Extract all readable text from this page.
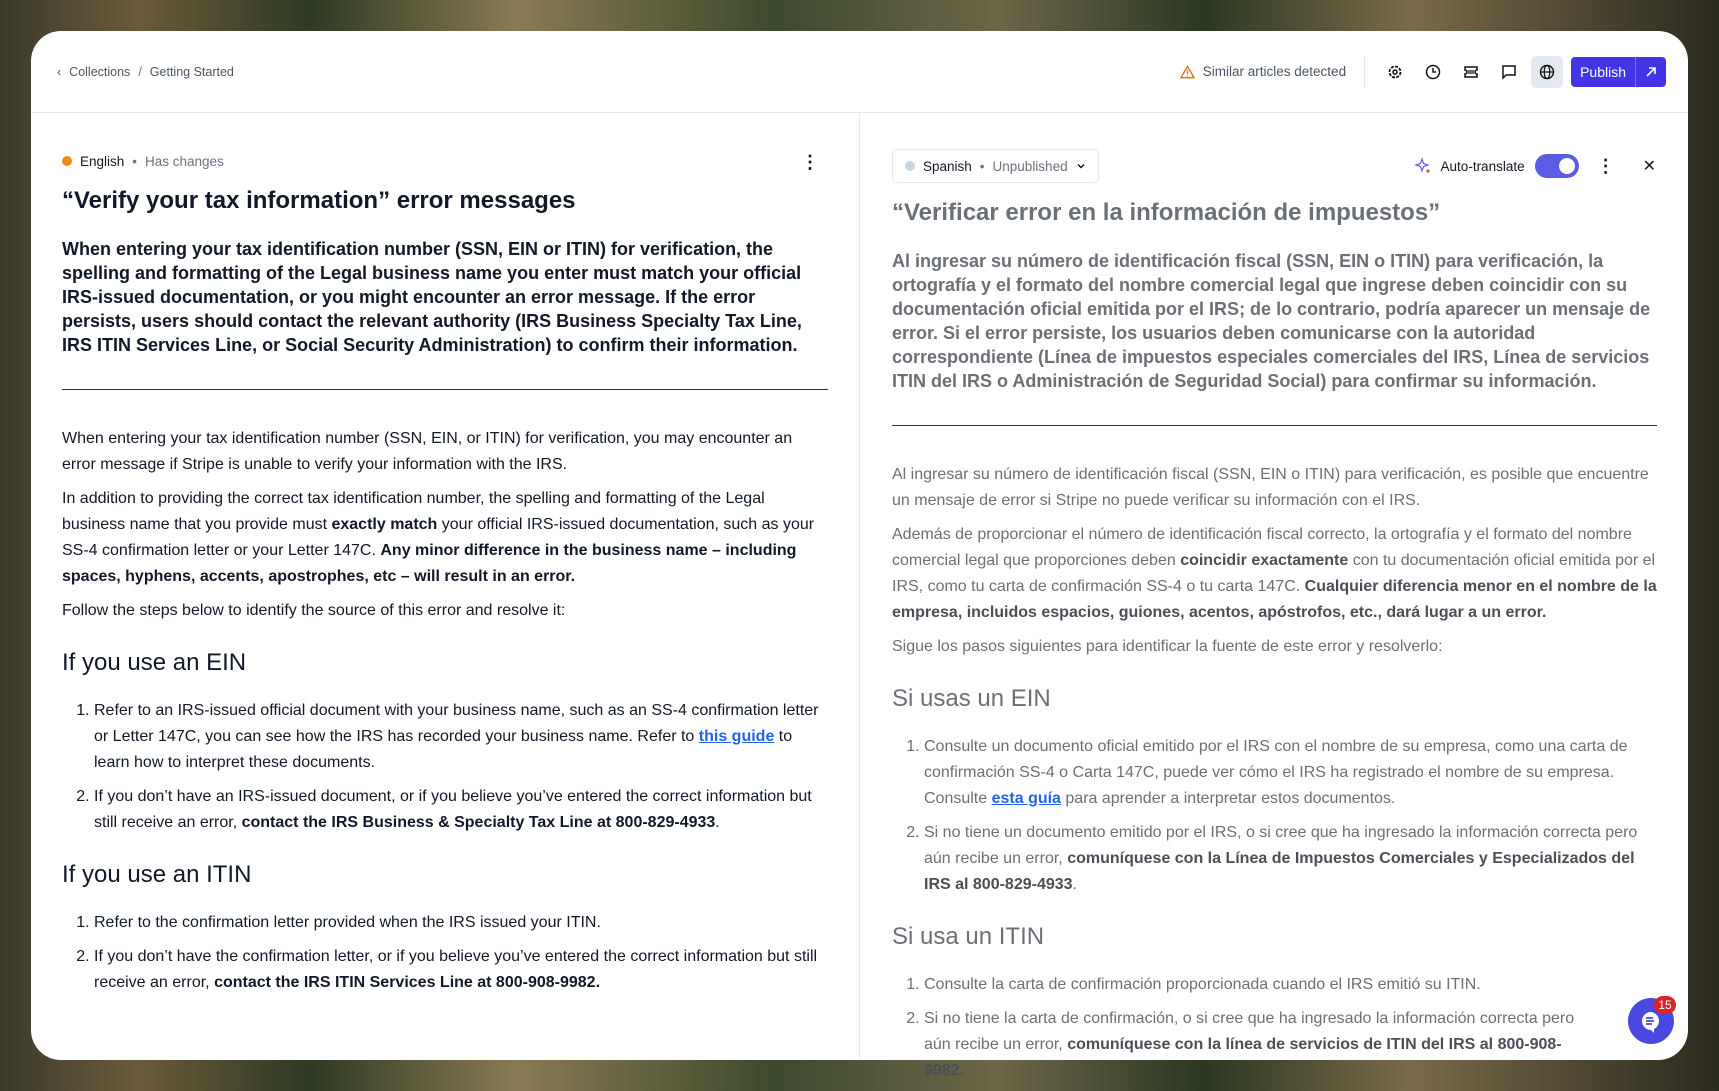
‹ Collections / Getting Started	Similar articles detected	Publish
English • Has changes	⋮
“Verify your tax information” error messages
When entering your tax identification number (SSN, EIN or ITIN) for verification, the spelling and formatting of the Legal business name you enter must match your official IRS-issued documentation, or you might encounter an error message. If the error persists, users should contact the relevant authority (IRS Business Specialty Tax Line, IRS ITIN Services Line, or Social Security Administration) to confirm their information.

When entering your tax identification number (SSN, EIN, or ITIN) for verification, you may encounter an error message if Stripe is unable to verify your information with the IRS.

In addition to providing the correct tax identification number, the spelling and formatting of the Legal business name that you provide must exactly match your official IRS-issued documentation, such as your SS-4 confirmation letter or your Letter 147C. Any minor difference in the business name – including spaces, hyphens, accents, apostrophes, etc – will result in an error.

Follow the steps below to identify the source of this error and resolve it:

If you use an EIN
1. Refer to an IRS-issued official document with your business name, such as an SS-4 confirmation letter or Letter 147C, you can see how the IRS has recorded your business name. Refer to this guide to learn how to interpret these documents.
2. If you don’t have an IRS-issued document, or if you believe you’ve entered the correct information but still receive an error, contact the IRS Business & Specialty Tax Line at 800-829-4933.
If you use an ITIN
1. Refer to the confirmation letter provided when the IRS issued your ITIN.
2. If you don’t have the confirmation letter, or if you believe you’ve entered the correct information but still receive an error, contact the IRS ITIN Services Line at 800-908-9982.
Spanish • Unpublished	Auto-translate	⋮ ✕
“Verificar error en la información de impuestos”
Al ingresar su número de identificación fiscal (SSN, EIN o ITIN) para verificación, la ortografía y el formato del nombre comercial legal que ingrese deben coincidir con su documentación oficial emitida por el IRS; de lo contrario, podría aparecer un mensaje de error. Si el error persiste, los usuarios deben comunicarse con la autoridad correspondiente (Línea de impuestos especiales comerciales del IRS, Línea de servicios ITIN del IRS o Administración de Seguridad Social) para confirmar su información.

Al ingresar su número de identificación fiscal (SSN, EIN o ITIN) para verificación, es posible que encuentre un mensaje de error si Stripe no puede verificar su información con el IRS.

Además de proporcionar el número de identificación fiscal correcto, la ortografía y el formato del nombre comercial legal que proporciones deben coincidir exactamente con tu documentación oficial emitida por el IRS, como tu carta de confirmación SS-4 o tu carta 147C. Cualquier diferencia menor en el nombre de la empresa, incluidos espacios, guiones, acentos, apóstrofos, etc., dará lugar a un error.

Sigue los pasos siguientes para identificar la fuente de este error y resolverlo:

Si usas un EIN
1. Consulte un documento oficial emitido por el IRS con el nombre de su empresa, como una carta de confirmación SS-4 o Carta 147C, puede ver cómo el IRS ha registrado el nombre de su empresa. Consulte esta guía para aprender a interpretar estos documentos.
2. Si no tiene un documento emitido por el IRS, o si cree que ha ingresado la información correcta pero aún recibe un error, comuníquese con la Línea de Impuestos Comerciales y Especializados del IRS al 800-829-4933.
Si usa un ITIN
1. Consulte la carta de confirmación proporcionada cuando el IRS emitió su ITIN.
2. Si no tiene la carta de confirmación, o si cree que ha ingresado la información correcta pero aún recibe un error, comuníquese con la línea de servicios de ITIN del IRS al 800-908-9982.
15
